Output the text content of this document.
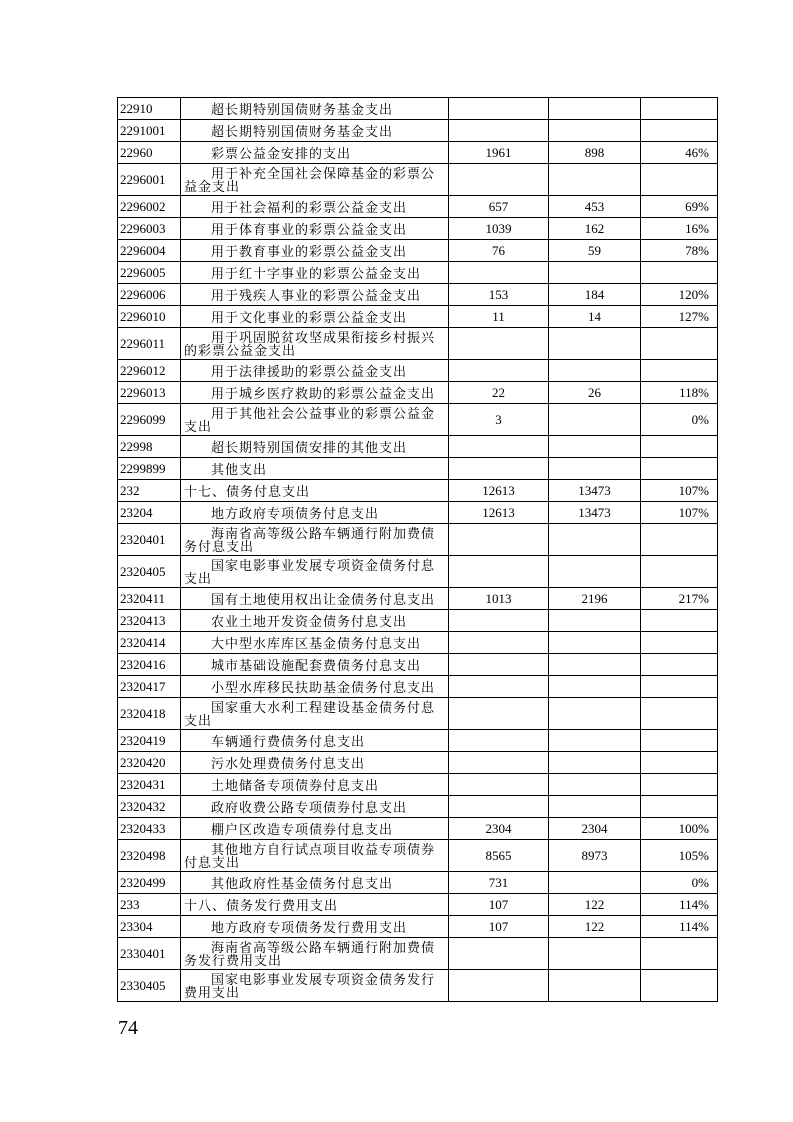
22910	超长期特别国债财务基金支出			
2291001	超长期特别国债财务基金支出			
22960	彩票公益金安排的支出	1961	898	46%
2296001	用于补充全国社会保障基金的彩票公益金支出			
2296002	用于社会福利的彩票公益金支出	657	453	69%
2296003	用于体育事业的彩票公益金支出	1039	162	16%
2296004	用于教育事业的彩票公益金支出	76	59	78%
2296005	用于红十字事业的彩票公益金支出			
2296006	用于残疾人事业的彩票公益金支出	153	184	120%
2296010	用于文化事业的彩票公益金支出	11	14	127%
2296011	用于巩固脱贫攻坚成果衔接乡村振兴的彩票公益金支出			
2296012	用于法律援助的彩票公益金支出			
2296013	用于城乡医疗救助的彩票公益金支出	22	26	118%
2296099	用于其他社会公益事业的彩票公益金支出	3		0%
22998	超长期特别国债安排的其他支出			
2299899	其他支出			
232	十七、债务付息支出	12613	13473	107%
23204	地方政府专项债务付息支出	12613	13473	107%
2320401	海南省高等级公路车辆通行附加费债务付息支出			
2320405	国家电影事业发展专项资金债务付息支出			
2320411	国有土地使用权出让金债务付息支出	1013	2196	217%
2320413	农业土地开发资金债务付息支出			
2320414	大中型水库库区基金债务付息支出			
2320416	城市基础设施配套费债务付息支出			
2320417	小型水库移民扶助基金债务付息支出			
2320418	国家重大水利工程建设基金债务付息支出			
2320419	车辆通行费债务付息支出			
2320420	污水处理费债务付息支出			
2320431	土地储备专项债券付息支出			
2320432	政府收费公路专项债券付息支出			
2320433	棚户区改造专项债券付息支出	2304	2304	100%
2320498	其他地方自行试点项目收益专项债券付息支出	8565	8973	105%
2320499	其他政府性基金债务付息支出	731		0%
233	十八、债务发行费用支出	107	122	114%
23304	地方政府专项债务发行费用支出	107	122	114%
2330401	海南省高等级公路车辆通行附加费债务发行费用支出			
2330405	国家电影事业发展专项资金债务发行费用支出			
74
